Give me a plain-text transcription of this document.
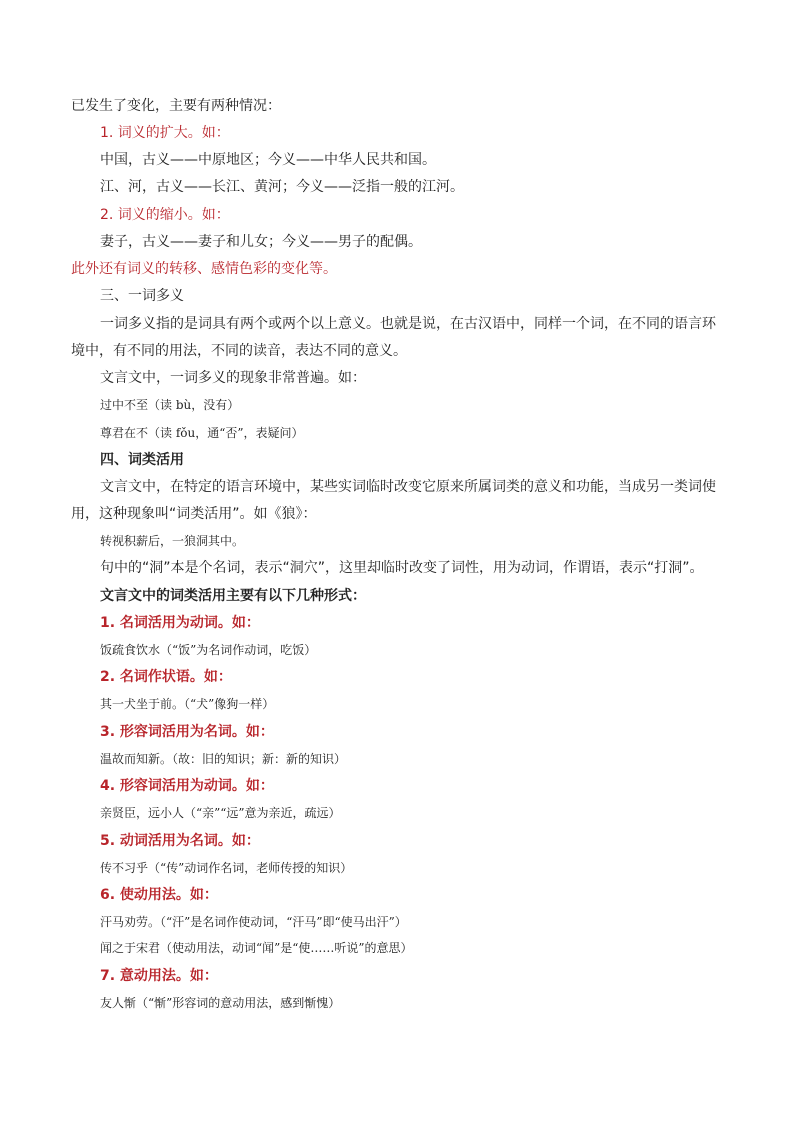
已发生了变化，主要有两种情况：

1. 词义的扩大。如：

中国，古义——中原地区；今义——中华人民共和国。

江、河，古义——长江、黄河；今义——泛指一般的江河。

2. 词义的缩小。如：

妻子，古义——妻子和儿女；今义——男子的配偶。

此外还有词义的转移、感情色彩的变化等。

三、一词多义

一词多义指的是词具有两个或两个以上意义。也就是说，在古汉语中，同样一个词，在不同的语言环

境中，有不同的用法，不同的读音，表达不同的意义。

文言文中，一词多义的现象非常普遍。如：

过中不至（读 bù，没有）

尊君在不（读 fǒu，通“否”，表疑问）

四、词类活用

文言文中，在特定的语言环境中，某些实词临时改变它原来所属词类的意义和功能，当成另一类词使

用，这种现象叫“词类活用”。如《狼》：

转视积薪后，一狼洞其中。

句中的“洞”本是个名词，表示“洞穴”，这里却临时改变了词性，用为动词，作谓语，表示“打洞”。

文言文中的词类活用主要有以下几种形式：

1. 名词活用为动词。如：

饭疏食饮水（“饭”为名词作动词，吃饭）

2. 名词作状语。如：

其一犬坐于前。（“犬”像狗一样）

3. 形容词活用为名词。如：

温故而知新。（故：旧的知识；新：新的知识）

4. 形容词活用为动词。如：

亲贤臣，远小人（“亲”“远”意为亲近，疏远）

5. 动词活用为名词。如：

传不习乎（“传”动词作名词，老师传授的知识）

6. 使动用法。如：

汗马劝劳。（“汗”是名词作使动词，“汗马”即“使马出汗”）

闻之于宋君（使动用法，动词“闻”是“使……听说”的意思）

7. 意动用法。如：

友人惭（“惭”形容词的意动用法，感到惭愧）
